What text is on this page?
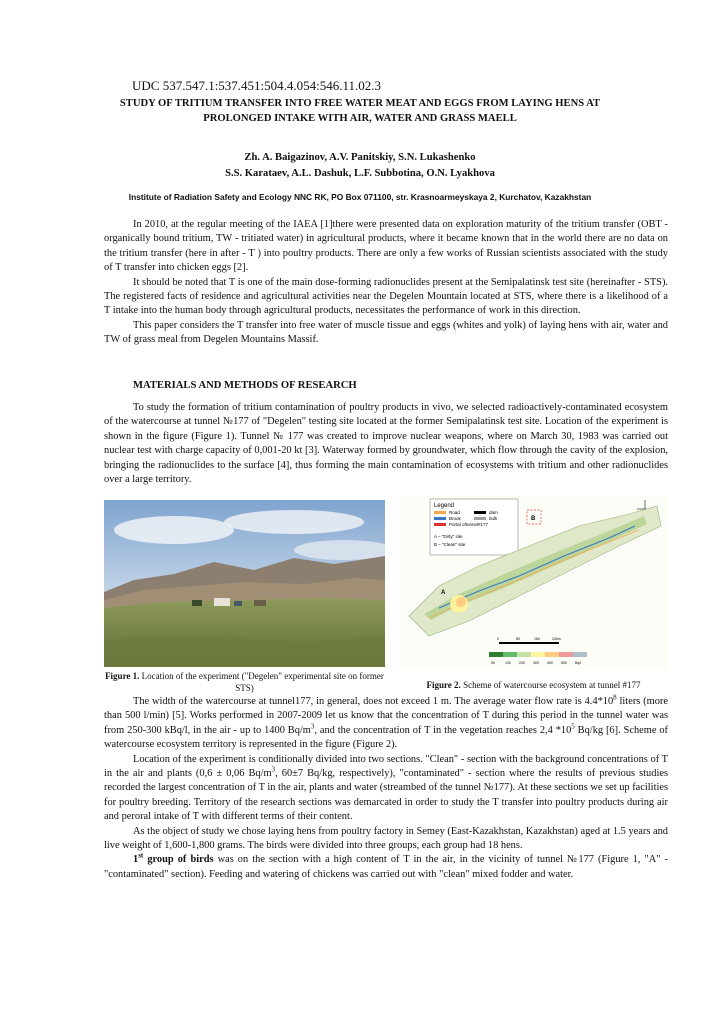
UDC 537.547.1:537.451:504.4.054:546.11.02.3
STUDY OF TRITIUM TRANSFER INTO FREE WATER MEAT AND EGGS FROM LAYING HENS AT PROLONGED INTAKE WITH AIR, WATER AND GRASS MAELL
Zh. A. Baigazinov, A.V. Panitskiy, S.N. Lukashenko
S.S. Karataev, A.L. Dashuk, L.F. Subbotina, O.N. Lyakhova
Institute of Radiation Safety and Ecology NNC RK, PO Box 071100, str. Krasnoarmeyskaya 2, Kurchatov, Kazakhstan

In 2010, at the regular meeting of the IAEA [1]there were presented data on exploration maturity of the tritium transfer (OBT - organically bound tritium, TW - tritiated water) in agricultural products, where it became known that in the world there are no data on the tritium transfer (here in after - T ) into poultry products. There are only a few works of Russian scientists associated with the study of T transfer into chicken eggs [2].

It should be noted that T is one of the main dose-forming radionuclides present at the Semipalatinsk test site (hereinafter - STS). The registered facts of residence and agricultural activities near the Degelen Mountain located at STS, where there is a likelihood of a T intake into the human body through agricultural products, necessitates the performance of work in this direction.

This paper considers the T transfer into free water of muscle tissue and eggs (whites and yolk) of laying hens with air, water and TW of grass meal from Degelen Mountains Massif.

MATERIALS AND METHODS OF RESEARCH

To study the formation of tritium contamination of poultry products in vivo, we selected radioactively-contaminated ecosystem of the watercourse at tunnel №177 of "Degelen" testing site located at the former Semipalatinsk test site. Location of the experiment is shown in the figure (Figure 1). Tunnel № 177 was created to improve nuclear weapons, where on March 30, 1983 was carried out nuclear test with charge capacity of 0,001-20 kt [3]. Waterway formed by groundwater, which flow through the cavity of the explosion, bringing the radionuclides to the surface [4], thus forming the main contamination of ecosystems with tritium and other radionuclides over a large territory.

Legend
Road	dam
Brook	bulk
Portal oftunnel#177
A – "Dirty" site
B – "Clean" site
B
A
0	80	160	240m
50	100 200 300 400 500 Bq/l
Figure 1. Location of the experiment ("Degelen" experimental site on former STS)	Figure 2. Scheme of watercourse ecosystem at tunnel #177

The width of the watercourse at tunnel177, in general, does not exceed 1 m. The average water flow rate is $4.4*10^8$ liters (more than 500 l/min) [5]. Works performed in 2007-2009 let us know that the concentration of T during this period in the tunnel water was from 250-300 kBq/l, in the air - up to 1400 $Bq/m^3$, and the concentration of T in the vegetation reaches 2,4 $*10^5$ Bq/kg [6]. Scheme of watercourse ecosystem territory is represented in the figure (Figure 2).

Location of the experiment is conditionally divided into two sections. "Clean" - section with the background concentrations of T in the air and plants (0,6 ± 0,06 $Bq/m^3$, 60±7 Bq/kg, respectively), "contaminated" - section where the results of previous studies recorded the largest concentration of T in the air, plants and water (streambed of the tunnel №177). At these sections we set up facilities for poultry breeding. Territory of the research sections was demarcated in order to study the T transfer into poultry products during air and peroral intake of T with different terms of their content.

As the object of study we chose laying hens from poultry factory in Semey (East-Kazakhstan, Kazakhstan) aged at 1.5 years and live weight of 1,600-1,800 grams. The birds were divided into three groups, each group had 18 hens.

1st group of birds was on the section with a high content of T in the air, in the vicinity of tunnel №177 (Figure 1, "A" - "contaminated" section). Feeding and watering of chickens was carried out with "clean" mixed fodder and water.
